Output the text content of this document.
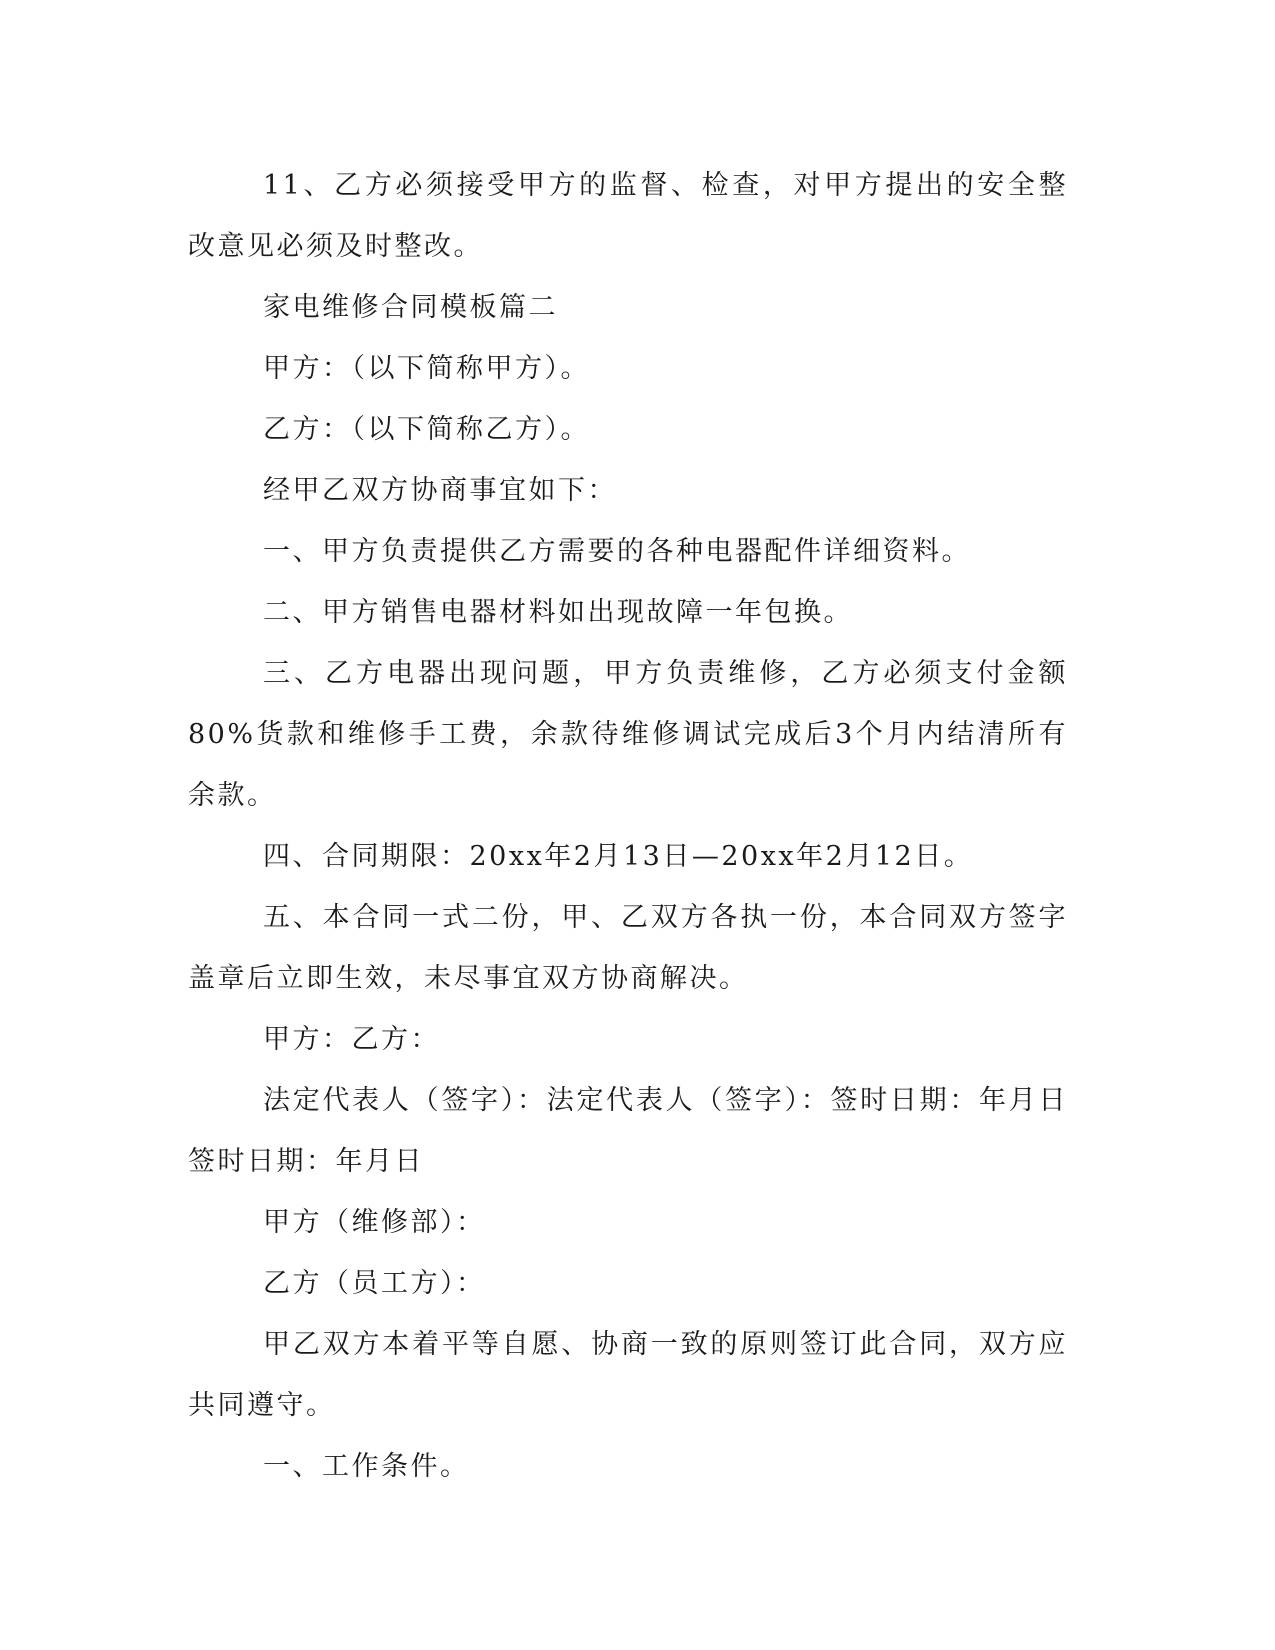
11、乙方必须接受甲方的监督、检查，对甲方提出的安全整改意见必须及时整改。

家电维修合同模板篇二

甲方：（以下简称甲方）。

乙方：（以下简称乙方）。

经甲乙双方协商事宜如下：

一、甲方负责提供乙方需要的各种电器配件详细资料。

二、甲方销售电器材料如出现故障一年包换。

三、乙方电器出现问题，甲方负责维修，乙方必须支付金额80%货款和维修手工费，余款待维修调试完成后3个月内结清所有余款。

四、合同期限：20xx年2月13日—20xx年2月12日。

五、本合同一式二份，甲、乙双方各执一份，本合同双方签字盖章后立即生效，未尽事宜双方协商解决。

甲方：乙方：

法定代表人（签字）：法定代表人（签字）：签时日期：年月日签时日期：年月日

甲方（维修部）：

乙方（员工方）：

甲乙双方本着平等自愿、协商一致的原则签订此合同，双方应共同遵守。

一、工作条件。
